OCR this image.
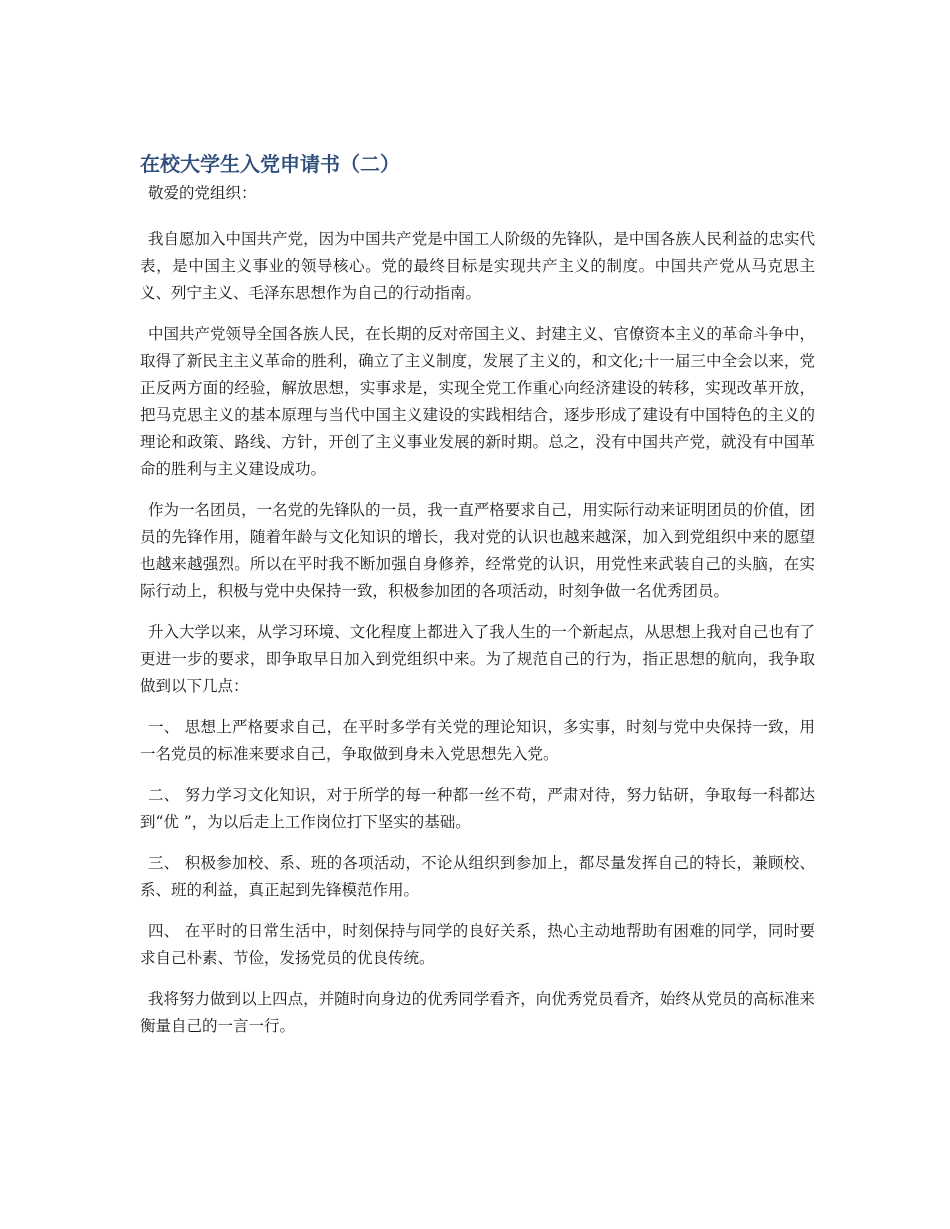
在校大学生入党申请书（二）

敬爱的党组织：

我自愿加入中国共产党，因为中国共产党是中国工人阶级的先锋队，是中国各族人民利益的忠实代表，是中国主义事业的领导核心。党的最终目标是实现共产主义的制度。中国共产党从马克思主义、列宁主义、毛泽东思想作为自己的行动指南。

中国共产党领导全国各族人民，在长期的反对帝国主义、封建主义、官僚资本主义的革命斗争中，取得了新民主主义革命的胜利，确立了主义制度，发展了主义的，和文化;十一届三中全会以来，党正反两方面的经验，解放思想，实事求是，实现全党工作重心向经济建设的转移，实现改革开放，把马克思主义的基本原理与当代中国主义建设的实践相结合，逐步形成了建设有中国特色的主义的理论和政策、路线、方针，开创了主义事业发展的新时期。总之，没有中国共产党，就没有中国革命的胜利与主义建设成功。

作为一名团员，一名党的先锋队的一员，我一直严格要求自己，用实际行动来证明团员的价值，团员的先锋作用，随着年龄与文化知识的增长，我对党的认识也越来越深，加入到党组织中来的愿望也越来越强烈。所以在平时我不断加强自身修养，经常党的认识，用党性来武装自己的头脑，在实际行动上，积极与党中央保持一致，积极参加团的各项活动，时刻争做一名优秀团员。

升入大学以来，从学习环境、文化程度上都进入了我人生的一个新起点，从思想上我对自己也有了更进一步的要求，即争取早日加入到党组织中来。为了规范自己的行为，指正思想的航向，我争取做到以下几点：

一、 思想上严格要求自己，在平时多学有关党的理论知识，多实事，时刻与党中央保持一致，用一名党员的标准来要求自己，争取做到身未入党思想先入党。

二、 努力学习文化知识，对于所学的每一种都一丝不苟，严肃对待，努力钻研，争取每一科都达到“优 ”，为以后走上工作岗位打下坚实的基础。

三、 积极参加校、系、班的各项活动，不论从组织到参加上，都尽量发挥自己的特长，兼顾校、系、班的利益，真正起到先锋模范作用。

四、 在平时的日常生活中，时刻保持与同学的良好关系，热心主动地帮助有困难的同学，同时要求自己朴素、节俭，发扬党员的优良传统。

我将努力做到以上四点，并随时向身边的优秀同学看齐，向优秀党员看齐，始终从党员的高标准来衡量自己的一言一行。
